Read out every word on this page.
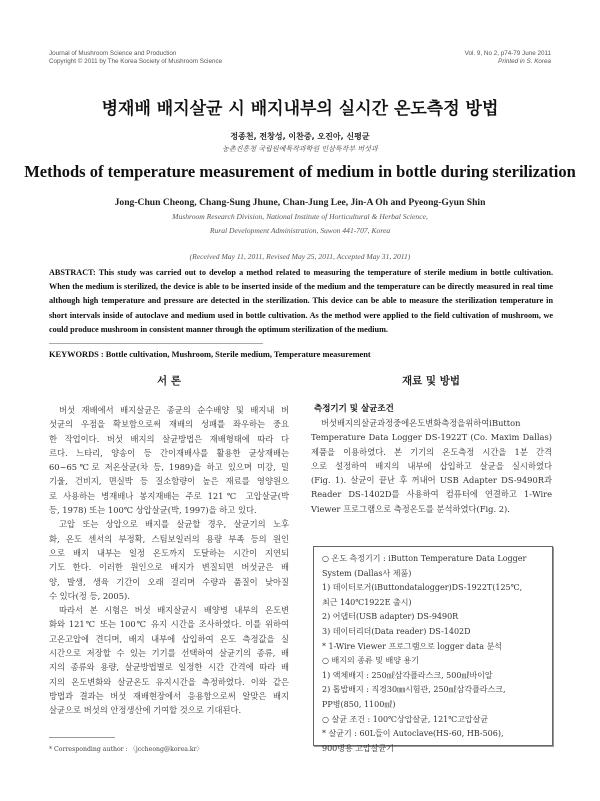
Journal of Mushroom Science and Production
Copyright © 2011 by The Korea Society of Mushroom Science
Vol. 9, No 2, p74-79 June 2011
Printed in S. Korea
병재배 배지살균 시 배지내부의 실시간 온도측정 방법
정종천, 전창성, 이찬중, 오진아, 신평균
농촌진흥청 국립원예특작과학원 인삼특작부 버섯과
Methods of temperature measurement of medium in bottle during sterilization
Jong-Chun Cheong, Chang-Sung Jhune, Chan-Jung Lee, Jin-A Oh and Pyeong-Gyun Shin
Mushroom Research Division, National Institute of Horticultural & Herbal Science,
Rural Development Administration, Suwon 441-707, Korea
(Received May 11, 2011, Revised May 25, 2011, Accepted May 31, 2011)
ABSTRACT: This study was carried out to develop a method related to measuring the temperature of sterile medium in bottle cultivation. When the medium is sterilized, the device is able to be inserted inside of the medium and the temperature can be directly measured in real time although high temperature and pressure are detected in the sterilization. This device can be able to measure the sterilization temperature in short intervals inside of autoclave and medium used in bottle cultivation. As the method were applied to the field cultivation of mushroom, we could produce mushroom in consistent manner through the optimum sterilization of the medium.
KEYWORDS : Bottle cultivation, Mushroom, Sterile medium, Temperature measurement
서 론
버섯 재배에서 배지살균은 종균의 순수배양 및 배지내 버
섯균의 우점을 확보함으로써 재배의 성패를 좌우하는 중요
한 작업이다. 버섯 배지의 살균방법은 재배형태에 따라 다
르다. 느타리, 양송이 등 간이재배사를 활용한 균상재배는
60~65℃로 저온살균(차 등, 1989)을 하고 있으며 미강, 밀
기울, 건비지, 면실박 등 질소함량이 높은 재료를 영양원으
로 사용하는 병재배나 봉지재배는 주로 121℃ 고압살균(박
등, 1978) 또는 100℃ 상압살균(박, 1997)을 하고 있다.
고압 또는 상압으로 배지를 살균할 경우, 살균기의 노후
화, 온도 센서의 부정확, 스팀보일러의 용량 부족 등의 원인
으로 배지 내부는 일정 온도까지 도달하는 시간이 지연되
기도 한다. 이러한 원인으로 배지가 변질되면 버섯균은 배
양, 발생, 생육 기간이 오래 걸리며 수량과 품질이 낮아질
수 있다(정 등, 2005).
따라서 본 시험은 버섯 배지살균시 배양병 내부의 온도변
화와 121℃ 또는 100℃ 유지 시간을 조사하였다. 이를 위하여
고온고압에 견디며, 배지 내부에 삽입하여 온도 측정값을 실
시간으로 저장할 수 있는 기기를 선택하여 살균기의 종류, 배
지의 종류와 용량, 살균방법별로 일정한 시간 간격에 따라 배
지의 온도변화와 살균온도 유지시간을 측정하였다. 이와 같은
방법과 결과는 버섯 재배현장에서 응용함으로써 알맞은 배지
살균으로 버섯의 안정생산에 기여할 것으로 기대된다.
* Corresponding author : 〈jccheong@korea.kr〉
재료 및 방법
측정기기 및 살균조건
버섯배지의살균과정중에온도변화측정을위하여iButton
Temperature Data Logger DS-1922T (Co. Maxim Dallas)
제품을 이용하였다. 본 기기의 온도측정 시간을 1분 간격
으로 설정하여 배지의 내부에 삽입하고 살균을 실시하였다
(Fig. 1). 살균이 끝난 후 꺼내어 USB Adapter DS-9490R과
Reader DS-1402D를 사용하여 컴퓨터에 연결하고 1-Wire
Viewer 프로그램으로 측정온도를 분석하였다(Fig. 2).
○ 온도 측정기기 : iButton Temperature Data Logger
System (Dallas사 제품)
1) 데이터로거(iButtondatalogger)DS-1922T(125℃,
최근 140℃1922E 출시)
2) 어댑터(USB adapter) DS-9490R
3) 데이터리더(Data reader) DS-1402D
* 1-Wire Viewer 프로그램으로 logger data 분석
○ 배지의 종류 및 배양 용기
1) 액체배지 : 250㎖삼각플라스크, 500㎖바이알
2) 톱밥배지 : 직경30㎜시험관, 250㎖삼각플라스크,
PP병(850, 1100㎖)
○ 살균 조건 : 100℃상압살균, 121℃고압살균
* 살균기 : 60L들이 Autoclave(HS-60, HB-506),
900병용 고압살균기
